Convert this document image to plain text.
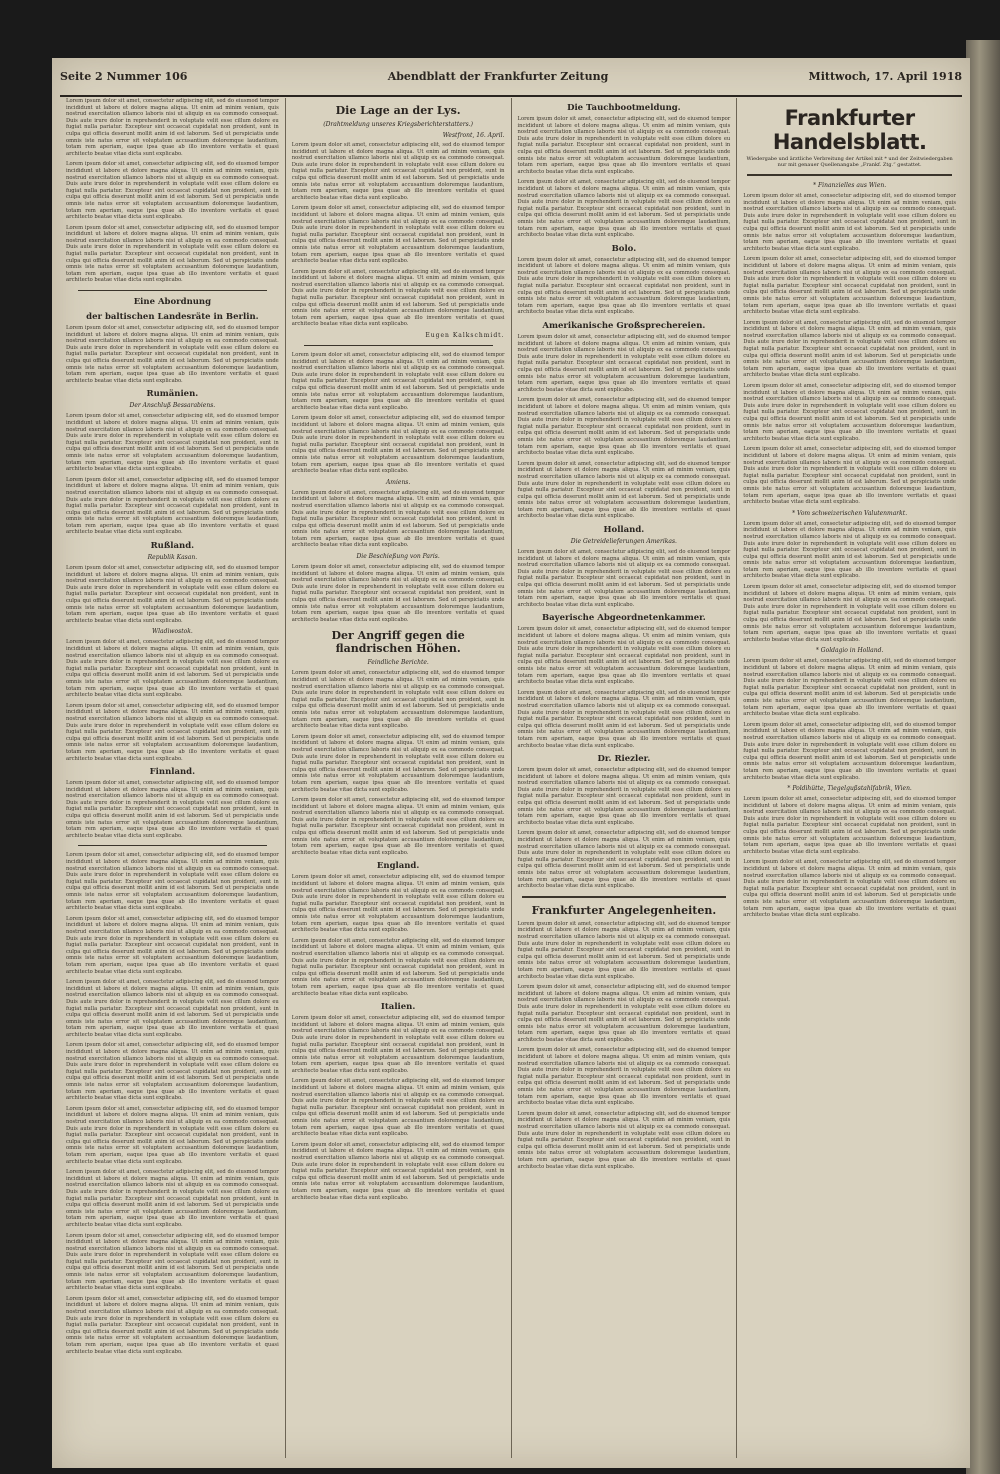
Seite 2 Nummer 106	Abendblatt der Frankfurter Zeitung	Mittwoch, 17. April 1918

Lorem ipsum dolor sit amet, consectetur adipiscing elit, sed do eiusmod tempor incididunt ut labore et dolore magna aliqua. Ut enim ad minim veniam, quis nostrud exercitation ullamco laboris nisi ut aliquip ex ea commodo consequat. Duis aute irure dolor in reprehenderit in voluptate velit esse cillum dolore eu fugiat nulla pariatur. Excepteur sint occaecat cupidatat non proident, sunt in culpa qui officia deserunt mollit anim id est laborum. Sed ut perspiciatis unde omnis iste natus error sit voluptatem accusantium doloremque laudantium, totam rem aperiam, eaque ipsa quae ab illo inventore veritatis et quasi architecto beatae vitae dicta sunt explicabo.

Lorem ipsum dolor sit amet, consectetur adipiscing elit, sed do eiusmod tempor incididunt ut labore et dolore magna aliqua. Ut enim ad minim veniam, quis nostrud exercitation ullamco laboris nisi ut aliquip ex ea commodo consequat. Duis aute irure dolor in reprehenderit in voluptate velit esse cillum dolore eu fugiat nulla pariatur. Excepteur sint occaecat cupidatat non proident, sunt in culpa qui officia deserunt mollit anim id est laborum. Sed ut perspiciatis unde omnis iste natus error sit voluptatem accusantium doloremque laudantium, totam rem aperiam, eaque ipsa quae ab illo inventore veritatis et quasi architecto beatae vitae dicta sunt explicabo.

Lorem ipsum dolor sit amet, consectetur adipiscing elit, sed do eiusmod tempor incididunt ut labore et dolore magna aliqua. Ut enim ad minim veniam, quis nostrud exercitation ullamco laboris nisi ut aliquip ex ea commodo consequat. Duis aute irure dolor in reprehenderit in voluptate velit esse cillum dolore eu fugiat nulla pariatur. Excepteur sint occaecat cupidatat non proident, sunt in culpa qui officia deserunt mollit anim id est laborum. Sed ut perspiciatis unde omnis iste natus error sit voluptatem accusantium doloremque laudantium, totam rem aperiam, eaque ipsa quae ab illo inventore veritatis et quasi architecto beatae vitae dicta sunt explicabo.

Eine Abordnung
der baltischen Landesräte in Berlin.

Lorem ipsum dolor sit amet, consectetur adipiscing elit, sed do eiusmod tempor incididunt ut labore et dolore magna aliqua. Ut enim ad minim veniam, quis nostrud exercitation ullamco laboris nisi ut aliquip ex ea commodo consequat. Duis aute irure dolor in reprehenderit in voluptate velit esse cillum dolore eu fugiat nulla pariatur. Excepteur sint occaecat cupidatat non proident, sunt in culpa qui officia deserunt mollit anim id est laborum. Sed ut perspiciatis unde omnis iste natus error sit voluptatem accusantium doloremque laudantium, totam rem aperiam, eaque ipsa quae ab illo inventore veritatis et quasi architecto beatae vitae dicta sunt explicabo.

Rumänien.
Der Anschluß Bessarabiens.

Lorem ipsum dolor sit amet, consectetur adipiscing elit, sed do eiusmod tempor incididunt ut labore et dolore magna aliqua. Ut enim ad minim veniam, quis nostrud exercitation ullamco laboris nisi ut aliquip ex ea commodo consequat. Duis aute irure dolor in reprehenderit in voluptate velit esse cillum dolore eu fugiat nulla pariatur. Excepteur sint occaecat cupidatat non proident, sunt in culpa qui officia deserunt mollit anim id est laborum. Sed ut perspiciatis unde omnis iste natus error sit voluptatem accusantium doloremque laudantium, totam rem aperiam, eaque ipsa quae ab illo inventore veritatis et quasi architecto beatae vitae dicta sunt explicabo.

Lorem ipsum dolor sit amet, consectetur adipiscing elit, sed do eiusmod tempor incididunt ut labore et dolore magna aliqua. Ut enim ad minim veniam, quis nostrud exercitation ullamco laboris nisi ut aliquip ex ea commodo consequat. Duis aute irure dolor in reprehenderit in voluptate velit esse cillum dolore eu fugiat nulla pariatur. Excepteur sint occaecat cupidatat non proident, sunt in culpa qui officia deserunt mollit anim id est laborum. Sed ut perspiciatis unde omnis iste natus error sit voluptatem accusantium doloremque laudantium, totam rem aperiam, eaque ipsa quae ab illo inventore veritatis et quasi architecto beatae vitae dicta sunt explicabo.

Rußland.
Republik Kasan.

Lorem ipsum dolor sit amet, consectetur adipiscing elit, sed do eiusmod tempor incididunt ut labore et dolore magna aliqua. Ut enim ad minim veniam, quis nostrud exercitation ullamco laboris nisi ut aliquip ex ea commodo consequat. Duis aute irure dolor in reprehenderit in voluptate velit esse cillum dolore eu fugiat nulla pariatur. Excepteur sint occaecat cupidatat non proident, sunt in culpa qui officia deserunt mollit anim id est laborum. Sed ut perspiciatis unde omnis iste natus error sit voluptatem accusantium doloremque laudantium, totam rem aperiam, eaque ipsa quae ab illo inventore veritatis et quasi architecto beatae vitae dicta sunt explicabo.

Wladiwostok.

Lorem ipsum dolor sit amet, consectetur adipiscing elit, sed do eiusmod tempor incididunt ut labore et dolore magna aliqua. Ut enim ad minim veniam, quis nostrud exercitation ullamco laboris nisi ut aliquip ex ea commodo consequat. Duis aute irure dolor in reprehenderit in voluptate velit esse cillum dolore eu fugiat nulla pariatur. Excepteur sint occaecat cupidatat non proident, sunt in culpa qui officia deserunt mollit anim id est laborum. Sed ut perspiciatis unde omnis iste natus error sit voluptatem accusantium doloremque laudantium, totam rem aperiam, eaque ipsa quae ab illo inventore veritatis et quasi architecto beatae vitae dicta sunt explicabo.

Lorem ipsum dolor sit amet, consectetur adipiscing elit, sed do eiusmod tempor incididunt ut labore et dolore magna aliqua. Ut enim ad minim veniam, quis nostrud exercitation ullamco laboris nisi ut aliquip ex ea commodo consequat. Duis aute irure dolor in reprehenderit in voluptate velit esse cillum dolore eu fugiat nulla pariatur. Excepteur sint occaecat cupidatat non proident, sunt in culpa qui officia deserunt mollit anim id est laborum. Sed ut perspiciatis unde omnis iste natus error sit voluptatem accusantium doloremque laudantium, totam rem aperiam, eaque ipsa quae ab illo inventore veritatis et quasi architecto beatae vitae dicta sunt explicabo.

Finnland.

Lorem ipsum dolor sit amet, consectetur adipiscing elit, sed do eiusmod tempor incididunt ut labore et dolore magna aliqua. Ut enim ad minim veniam, quis nostrud exercitation ullamco laboris nisi ut aliquip ex ea commodo consequat. Duis aute irure dolor in reprehenderit in voluptate velit esse cillum dolore eu fugiat nulla pariatur. Excepteur sint occaecat cupidatat non proident, sunt in culpa qui officia deserunt mollit anim id est laborum. Sed ut perspiciatis unde omnis iste natus error sit voluptatem accusantium doloremque laudantium, totam rem aperiam, eaque ipsa quae ab illo inventore veritatis et quasi architecto beatae vitae dicta sunt explicabo.

Lorem ipsum dolor sit amet, consectetur adipiscing elit, sed do eiusmod tempor incididunt ut labore et dolore magna aliqua. Ut enim ad minim veniam, quis nostrud exercitation ullamco laboris nisi ut aliquip ex ea commodo consequat. Duis aute irure dolor in reprehenderit in voluptate velit esse cillum dolore eu fugiat nulla pariatur. Excepteur sint occaecat cupidatat non proident, sunt in culpa qui officia deserunt mollit anim id est laborum. Sed ut perspiciatis unde omnis iste natus error sit voluptatem accusantium doloremque laudantium, totam rem aperiam, eaque ipsa quae ab illo inventore veritatis et quasi architecto beatae vitae dicta sunt explicabo.

Lorem ipsum dolor sit amet, consectetur adipiscing elit, sed do eiusmod tempor incididunt ut labore et dolore magna aliqua. Ut enim ad minim veniam, quis nostrud exercitation ullamco laboris nisi ut aliquip ex ea commodo consequat. Duis aute irure dolor in reprehenderit in voluptate velit esse cillum dolore eu fugiat nulla pariatur. Excepteur sint occaecat cupidatat non proident, sunt in culpa qui officia deserunt mollit anim id est laborum. Sed ut perspiciatis unde omnis iste natus error sit voluptatem accusantium doloremque laudantium, totam rem aperiam, eaque ipsa quae ab illo inventore veritatis et quasi architecto beatae vitae dicta sunt explicabo.

Lorem ipsum dolor sit amet, consectetur adipiscing elit, sed do eiusmod tempor incididunt ut labore et dolore magna aliqua. Ut enim ad minim veniam, quis nostrud exercitation ullamco laboris nisi ut aliquip ex ea commodo consequat. Duis aute irure dolor in reprehenderit in voluptate velit esse cillum dolore eu fugiat nulla pariatur. Excepteur sint occaecat cupidatat non proident, sunt in culpa qui officia deserunt mollit anim id est laborum. Sed ut perspiciatis unde omnis iste natus error sit voluptatem accusantium doloremque laudantium, totam rem aperiam, eaque ipsa quae ab illo inventore veritatis et quasi architecto beatae vitae dicta sunt explicabo.

Lorem ipsum dolor sit amet, consectetur adipiscing elit, sed do eiusmod tempor incididunt ut labore et dolore magna aliqua. Ut enim ad minim veniam, quis nostrud exercitation ullamco laboris nisi ut aliquip ex ea commodo consequat. Duis aute irure dolor in reprehenderit in voluptate velit esse cillum dolore eu fugiat nulla pariatur. Excepteur sint occaecat cupidatat non proident, sunt in culpa qui officia deserunt mollit anim id est laborum. Sed ut perspiciatis unde omnis iste natus error sit voluptatem accusantium doloremque laudantium, totam rem aperiam, eaque ipsa quae ab illo inventore veritatis et quasi architecto beatae vitae dicta sunt explicabo.

Lorem ipsum dolor sit amet, consectetur adipiscing elit, sed do eiusmod tempor incididunt ut labore et dolore magna aliqua. Ut enim ad minim veniam, quis nostrud exercitation ullamco laboris nisi ut aliquip ex ea commodo consequat. Duis aute irure dolor in reprehenderit in voluptate velit esse cillum dolore eu fugiat nulla pariatur. Excepteur sint occaecat cupidatat non proident, sunt in culpa qui officia deserunt mollit anim id est laborum. Sed ut perspiciatis unde omnis iste natus error sit voluptatem accusantium doloremque laudantium, totam rem aperiam, eaque ipsa quae ab illo inventore veritatis et quasi architecto beatae vitae dicta sunt explicabo.

Lorem ipsum dolor sit amet, consectetur adipiscing elit, sed do eiusmod tempor incididunt ut labore et dolore magna aliqua. Ut enim ad minim veniam, quis nostrud exercitation ullamco laboris nisi ut aliquip ex ea commodo consequat. Duis aute irure dolor in reprehenderit in voluptate velit esse cillum dolore eu fugiat nulla pariatur. Excepteur sint occaecat cupidatat non proident, sunt in culpa qui officia deserunt mollit anim id est laborum. Sed ut perspiciatis unde omnis iste natus error sit voluptatem accusantium doloremque laudantium, totam rem aperiam, eaque ipsa quae ab illo inventore veritatis et quasi architecto beatae vitae dicta sunt explicabo.

Lorem ipsum dolor sit amet, consectetur adipiscing elit, sed do eiusmod tempor incididunt ut labore et dolore magna aliqua. Ut enim ad minim veniam, quis nostrud exercitation ullamco laboris nisi ut aliquip ex ea commodo consequat. Duis aute irure dolor in reprehenderit in voluptate velit esse cillum dolore eu fugiat nulla pariatur. Excepteur sint occaecat cupidatat non proident, sunt in culpa qui officia deserunt mollit anim id est laborum. Sed ut perspiciatis unde omnis iste natus error sit voluptatem accusantium doloremque laudantium, totam rem aperiam, eaque ipsa quae ab illo inventore veritatis et quasi architecto beatae vitae dicta sunt explicabo.

Lorem ipsum dolor sit amet, consectetur adipiscing elit, sed do eiusmod tempor incididunt ut labore et dolore magna aliqua. Ut enim ad minim veniam, quis nostrud exercitation ullamco laboris nisi ut aliquip ex ea commodo consequat. Duis aute irure dolor in reprehenderit in voluptate velit esse cillum dolore eu fugiat nulla pariatur. Excepteur sint occaecat cupidatat non proident, sunt in culpa qui officia deserunt mollit anim id est laborum. Sed ut perspiciatis unde omnis iste natus error sit voluptatem accusantium doloremque laudantium, totam rem aperiam, eaque ipsa quae ab illo inventore veritatis et quasi architecto beatae vitae dicta sunt explicabo.

Die Lage an der Lys.
(Drahtmeldung unseres Kriegsberichterstatters.)
Westfront, 16. April.

Lorem ipsum dolor sit amet, consectetur adipiscing elit, sed do eiusmod tempor incididunt ut labore et dolore magna aliqua. Ut enim ad minim veniam, quis nostrud exercitation ullamco laboris nisi ut aliquip ex ea commodo consequat. Duis aute irure dolor in reprehenderit in voluptate velit esse cillum dolore eu fugiat nulla pariatur. Excepteur sint occaecat cupidatat non proident, sunt in culpa qui officia deserunt mollit anim id est laborum. Sed ut perspiciatis unde omnis iste natus error sit voluptatem accusantium doloremque laudantium, totam rem aperiam, eaque ipsa quae ab illo inventore veritatis et quasi architecto beatae vitae dicta sunt explicabo.

Lorem ipsum dolor sit amet, consectetur adipiscing elit, sed do eiusmod tempor incididunt ut labore et dolore magna aliqua. Ut enim ad minim veniam, quis nostrud exercitation ullamco laboris nisi ut aliquip ex ea commodo consequat. Duis aute irure dolor in reprehenderit in voluptate velit esse cillum dolore eu fugiat nulla pariatur. Excepteur sint occaecat cupidatat non proident, sunt in culpa qui officia deserunt mollit anim id est laborum. Sed ut perspiciatis unde omnis iste natus error sit voluptatem accusantium doloremque laudantium, totam rem aperiam, eaque ipsa quae ab illo inventore veritatis et quasi architecto beatae vitae dicta sunt explicabo.

Lorem ipsum dolor sit amet, consectetur adipiscing elit, sed do eiusmod tempor incididunt ut labore et dolore magna aliqua. Ut enim ad minim veniam, quis nostrud exercitation ullamco laboris nisi ut aliquip ex ea commodo consequat. Duis aute irure dolor in reprehenderit in voluptate velit esse cillum dolore eu fugiat nulla pariatur. Excepteur sint occaecat cupidatat non proident, sunt in culpa qui officia deserunt mollit anim id est laborum. Sed ut perspiciatis unde omnis iste natus error sit voluptatem accusantium doloremque laudantium, totam rem aperiam, eaque ipsa quae ab illo inventore veritatis et quasi architecto beatae vitae dicta sunt explicabo.

Eugen Kalkschmidt.

Lorem ipsum dolor sit amet, consectetur adipiscing elit, sed do eiusmod tempor incididunt ut labore et dolore magna aliqua. Ut enim ad minim veniam, quis nostrud exercitation ullamco laboris nisi ut aliquip ex ea commodo consequat. Duis aute irure dolor in reprehenderit in voluptate velit esse cillum dolore eu fugiat nulla pariatur. Excepteur sint occaecat cupidatat non proident, sunt in culpa qui officia deserunt mollit anim id est laborum. Sed ut perspiciatis unde omnis iste natus error sit voluptatem accusantium doloremque laudantium, totam rem aperiam, eaque ipsa quae ab illo inventore veritatis et quasi architecto beatae vitae dicta sunt explicabo.

Lorem ipsum dolor sit amet, consectetur adipiscing elit, sed do eiusmod tempor incididunt ut labore et dolore magna aliqua. Ut enim ad minim veniam, quis nostrud exercitation ullamco laboris nisi ut aliquip ex ea commodo consequat. Duis aute irure dolor in reprehenderit in voluptate velit esse cillum dolore eu fugiat nulla pariatur. Excepteur sint occaecat cupidatat non proident, sunt in culpa qui officia deserunt mollit anim id est laborum. Sed ut perspiciatis unde omnis iste natus error sit voluptatem accusantium doloremque laudantium, totam rem aperiam, eaque ipsa quae ab illo inventore veritatis et quasi architecto beatae vitae dicta sunt explicabo.

Amiens.

Lorem ipsum dolor sit amet, consectetur adipiscing elit, sed do eiusmod tempor incididunt ut labore et dolore magna aliqua. Ut enim ad minim veniam, quis nostrud exercitation ullamco laboris nisi ut aliquip ex ea commodo consequat. Duis aute irure dolor in reprehenderit in voluptate velit esse cillum dolore eu fugiat nulla pariatur. Excepteur sint occaecat cupidatat non proident, sunt in culpa qui officia deserunt mollit anim id est laborum. Sed ut perspiciatis unde omnis iste natus error sit voluptatem accusantium doloremque laudantium, totam rem aperiam, eaque ipsa quae ab illo inventore veritatis et quasi architecto beatae vitae dicta sunt explicabo.

Die Beschießung von Paris.

Lorem ipsum dolor sit amet, consectetur adipiscing elit, sed do eiusmod tempor incididunt ut labore et dolore magna aliqua. Ut enim ad minim veniam, quis nostrud exercitation ullamco laboris nisi ut aliquip ex ea commodo consequat. Duis aute irure dolor in reprehenderit in voluptate velit esse cillum dolore eu fugiat nulla pariatur. Excepteur sint occaecat cupidatat non proident, sunt in culpa qui officia deserunt mollit anim id est laborum. Sed ut perspiciatis unde omnis iste natus error sit voluptatem accusantium doloremque laudantium, totam rem aperiam, eaque ipsa quae ab illo inventore veritatis et quasi architecto beatae vitae dicta sunt explicabo.

Der Angriff gegen die flandrischen Höhen.
Feindliche Berichte.

Lorem ipsum dolor sit amet, consectetur adipiscing elit, sed do eiusmod tempor incididunt ut labore et dolore magna aliqua. Ut enim ad minim veniam, quis nostrud exercitation ullamco laboris nisi ut aliquip ex ea commodo consequat. Duis aute irure dolor in reprehenderit in voluptate velit esse cillum dolore eu fugiat nulla pariatur. Excepteur sint occaecat cupidatat non proident, sunt in culpa qui officia deserunt mollit anim id est laborum. Sed ut perspiciatis unde omnis iste natus error sit voluptatem accusantium doloremque laudantium, totam rem aperiam, eaque ipsa quae ab illo inventore veritatis et quasi architecto beatae vitae dicta sunt explicabo.

Lorem ipsum dolor sit amet, consectetur adipiscing elit, sed do eiusmod tempor incididunt ut labore et dolore magna aliqua. Ut enim ad minim veniam, quis nostrud exercitation ullamco laboris nisi ut aliquip ex ea commodo consequat. Duis aute irure dolor in reprehenderit in voluptate velit esse cillum dolore eu fugiat nulla pariatur. Excepteur sint occaecat cupidatat non proident, sunt in culpa qui officia deserunt mollit anim id est laborum. Sed ut perspiciatis unde omnis iste natus error sit voluptatem accusantium doloremque laudantium, totam rem aperiam, eaque ipsa quae ab illo inventore veritatis et quasi architecto beatae vitae dicta sunt explicabo.

Lorem ipsum dolor sit amet, consectetur adipiscing elit, sed do eiusmod tempor incididunt ut labore et dolore magna aliqua. Ut enim ad minim veniam, quis nostrud exercitation ullamco laboris nisi ut aliquip ex ea commodo consequat. Duis aute irure dolor in reprehenderit in voluptate velit esse cillum dolore eu fugiat nulla pariatur. Excepteur sint occaecat cupidatat non proident, sunt in culpa qui officia deserunt mollit anim id est laborum. Sed ut perspiciatis unde omnis iste natus error sit voluptatem accusantium doloremque laudantium, totam rem aperiam, eaque ipsa quae ab illo inventore veritatis et quasi architecto beatae vitae dicta sunt explicabo.

England.

Lorem ipsum dolor sit amet, consectetur adipiscing elit, sed do eiusmod tempor incididunt ut labore et dolore magna aliqua. Ut enim ad minim veniam, quis nostrud exercitation ullamco laboris nisi ut aliquip ex ea commodo consequat. Duis aute irure dolor in reprehenderit in voluptate velit esse cillum dolore eu fugiat nulla pariatur. Excepteur sint occaecat cupidatat non proident, sunt in culpa qui officia deserunt mollit anim id est laborum. Sed ut perspiciatis unde omnis iste natus error sit voluptatem accusantium doloremque laudantium, totam rem aperiam, eaque ipsa quae ab illo inventore veritatis et quasi architecto beatae vitae dicta sunt explicabo.

Lorem ipsum dolor sit amet, consectetur adipiscing elit, sed do eiusmod tempor incididunt ut labore et dolore magna aliqua. Ut enim ad minim veniam, quis nostrud exercitation ullamco laboris nisi ut aliquip ex ea commodo consequat. Duis aute irure dolor in reprehenderit in voluptate velit esse cillum dolore eu fugiat nulla pariatur. Excepteur sint occaecat cupidatat non proident, sunt in culpa qui officia deserunt mollit anim id est laborum. Sed ut perspiciatis unde omnis iste natus error sit voluptatem accusantium doloremque laudantium, totam rem aperiam, eaque ipsa quae ab illo inventore veritatis et quasi architecto beatae vitae dicta sunt explicabo.

Italien.

Lorem ipsum dolor sit amet, consectetur adipiscing elit, sed do eiusmod tempor incididunt ut labore et dolore magna aliqua. Ut enim ad minim veniam, quis nostrud exercitation ullamco laboris nisi ut aliquip ex ea commodo consequat. Duis aute irure dolor in reprehenderit in voluptate velit esse cillum dolore eu fugiat nulla pariatur. Excepteur sint occaecat cupidatat non proident, sunt in culpa qui officia deserunt mollit anim id est laborum. Sed ut perspiciatis unde omnis iste natus error sit voluptatem accusantium doloremque laudantium, totam rem aperiam, eaque ipsa quae ab illo inventore veritatis et quasi architecto beatae vitae dicta sunt explicabo.

Lorem ipsum dolor sit amet, consectetur adipiscing elit, sed do eiusmod tempor incididunt ut labore et dolore magna aliqua. Ut enim ad minim veniam, quis nostrud exercitation ullamco laboris nisi ut aliquip ex ea commodo consequat. Duis aute irure dolor in reprehenderit in voluptate velit esse cillum dolore eu fugiat nulla pariatur. Excepteur sint occaecat cupidatat non proident, sunt in culpa qui officia deserunt mollit anim id est laborum. Sed ut perspiciatis unde omnis iste natus error sit voluptatem accusantium doloremque laudantium, totam rem aperiam, eaque ipsa quae ab illo inventore veritatis et quasi architecto beatae vitae dicta sunt explicabo.

Lorem ipsum dolor sit amet, consectetur adipiscing elit, sed do eiusmod tempor incididunt ut labore et dolore magna aliqua. Ut enim ad minim veniam, quis nostrud exercitation ullamco laboris nisi ut aliquip ex ea commodo consequat. Duis aute irure dolor in reprehenderit in voluptate velit esse cillum dolore eu fugiat nulla pariatur. Excepteur sint occaecat cupidatat non proident, sunt in culpa qui officia deserunt mollit anim id est laborum. Sed ut perspiciatis unde omnis iste natus error sit voluptatem accusantium doloremque laudantium, totam rem aperiam, eaque ipsa quae ab illo inventore veritatis et quasi architecto beatae vitae dicta sunt explicabo.

Die Tauchbootmeldung.

Lorem ipsum dolor sit amet, consectetur adipiscing elit, sed do eiusmod tempor incididunt ut labore et dolore magna aliqua. Ut enim ad minim veniam, quis nostrud exercitation ullamco laboris nisi ut aliquip ex ea commodo consequat. Duis aute irure dolor in reprehenderit in voluptate velit esse cillum dolore eu fugiat nulla pariatur. Excepteur sint occaecat cupidatat non proident, sunt in culpa qui officia deserunt mollit anim id est laborum. Sed ut perspiciatis unde omnis iste natus error sit voluptatem accusantium doloremque laudantium, totam rem aperiam, eaque ipsa quae ab illo inventore veritatis et quasi architecto beatae vitae dicta sunt explicabo.

Lorem ipsum dolor sit amet, consectetur adipiscing elit, sed do eiusmod tempor incididunt ut labore et dolore magna aliqua. Ut enim ad minim veniam, quis nostrud exercitation ullamco laboris nisi ut aliquip ex ea commodo consequat. Duis aute irure dolor in reprehenderit in voluptate velit esse cillum dolore eu fugiat nulla pariatur. Excepteur sint occaecat cupidatat non proident, sunt in culpa qui officia deserunt mollit anim id est laborum. Sed ut perspiciatis unde omnis iste natus error sit voluptatem accusantium doloremque laudantium, totam rem aperiam, eaque ipsa quae ab illo inventore veritatis et quasi architecto beatae vitae dicta sunt explicabo.

Bolo.

Lorem ipsum dolor sit amet, consectetur adipiscing elit, sed do eiusmod tempor incididunt ut labore et dolore magna aliqua. Ut enim ad minim veniam, quis nostrud exercitation ullamco laboris nisi ut aliquip ex ea commodo consequat. Duis aute irure dolor in reprehenderit in voluptate velit esse cillum dolore eu fugiat nulla pariatur. Excepteur sint occaecat cupidatat non proident, sunt in culpa qui officia deserunt mollit anim id est laborum. Sed ut perspiciatis unde omnis iste natus error sit voluptatem accusantium doloremque laudantium, totam rem aperiam, eaque ipsa quae ab illo inventore veritatis et quasi architecto beatae vitae dicta sunt explicabo.

Amerikanische Großsprechereien.

Lorem ipsum dolor sit amet, consectetur adipiscing elit, sed do eiusmod tempor incididunt ut labore et dolore magna aliqua. Ut enim ad minim veniam, quis nostrud exercitation ullamco laboris nisi ut aliquip ex ea commodo consequat. Duis aute irure dolor in reprehenderit in voluptate velit esse cillum dolore eu fugiat nulla pariatur. Excepteur sint occaecat cupidatat non proident, sunt in culpa qui officia deserunt mollit anim id est laborum. Sed ut perspiciatis unde omnis iste natus error sit voluptatem accusantium doloremque laudantium, totam rem aperiam, eaque ipsa quae ab illo inventore veritatis et quasi architecto beatae vitae dicta sunt explicabo.

Lorem ipsum dolor sit amet, consectetur adipiscing elit, sed do eiusmod tempor incididunt ut labore et dolore magna aliqua. Ut enim ad minim veniam, quis nostrud exercitation ullamco laboris nisi ut aliquip ex ea commodo consequat. Duis aute irure dolor in reprehenderit in voluptate velit esse cillum dolore eu fugiat nulla pariatur. Excepteur sint occaecat cupidatat non proident, sunt in culpa qui officia deserunt mollit anim id est laborum. Sed ut perspiciatis unde omnis iste natus error sit voluptatem accusantium doloremque laudantium, totam rem aperiam, eaque ipsa quae ab illo inventore veritatis et quasi architecto beatae vitae dicta sunt explicabo.

Lorem ipsum dolor sit amet, consectetur adipiscing elit, sed do eiusmod tempor incididunt ut labore et dolore magna aliqua. Ut enim ad minim veniam, quis nostrud exercitation ullamco laboris nisi ut aliquip ex ea commodo consequat. Duis aute irure dolor in reprehenderit in voluptate velit esse cillum dolore eu fugiat nulla pariatur. Excepteur sint occaecat cupidatat non proident, sunt in culpa qui officia deserunt mollit anim id est laborum. Sed ut perspiciatis unde omnis iste natus error sit voluptatem accusantium doloremque laudantium, totam rem aperiam, eaque ipsa quae ab illo inventore veritatis et quasi architecto beatae vitae dicta sunt explicabo.

Holland.
Die Getreidelieferungen Amerikas.

Lorem ipsum dolor sit amet, consectetur adipiscing elit, sed do eiusmod tempor incididunt ut labore et dolore magna aliqua. Ut enim ad minim veniam, quis nostrud exercitation ullamco laboris nisi ut aliquip ex ea commodo consequat. Duis aute irure dolor in reprehenderit in voluptate velit esse cillum dolore eu fugiat nulla pariatur. Excepteur sint occaecat cupidatat non proident, sunt in culpa qui officia deserunt mollit anim id est laborum. Sed ut perspiciatis unde omnis iste natus error sit voluptatem accusantium doloremque laudantium, totam rem aperiam, eaque ipsa quae ab illo inventore veritatis et quasi architecto beatae vitae dicta sunt explicabo.

Bayerische Abgeordnetenkammer.

Lorem ipsum dolor sit amet, consectetur adipiscing elit, sed do eiusmod tempor incididunt ut labore et dolore magna aliqua. Ut enim ad minim veniam, quis nostrud exercitation ullamco laboris nisi ut aliquip ex ea commodo consequat. Duis aute irure dolor in reprehenderit in voluptate velit esse cillum dolore eu fugiat nulla pariatur. Excepteur sint occaecat cupidatat non proident, sunt in culpa qui officia deserunt mollit anim id est laborum. Sed ut perspiciatis unde omnis iste natus error sit voluptatem accusantium doloremque laudantium, totam rem aperiam, eaque ipsa quae ab illo inventore veritatis et quasi architecto beatae vitae dicta sunt explicabo.

Lorem ipsum dolor sit amet, consectetur adipiscing elit, sed do eiusmod tempor incididunt ut labore et dolore magna aliqua. Ut enim ad minim veniam, quis nostrud exercitation ullamco laboris nisi ut aliquip ex ea commodo consequat. Duis aute irure dolor in reprehenderit in voluptate velit esse cillum dolore eu fugiat nulla pariatur. Excepteur sint occaecat cupidatat non proident, sunt in culpa qui officia deserunt mollit anim id est laborum. Sed ut perspiciatis unde omnis iste natus error sit voluptatem accusantium doloremque laudantium, totam rem aperiam, eaque ipsa quae ab illo inventore veritatis et quasi architecto beatae vitae dicta sunt explicabo.

Dr. Riezler.

Lorem ipsum dolor sit amet, consectetur adipiscing elit, sed do eiusmod tempor incididunt ut labore et dolore magna aliqua. Ut enim ad minim veniam, quis nostrud exercitation ullamco laboris nisi ut aliquip ex ea commodo consequat. Duis aute irure dolor in reprehenderit in voluptate velit esse cillum dolore eu fugiat nulla pariatur. Excepteur sint occaecat cupidatat non proident, sunt in culpa qui officia deserunt mollit anim id est laborum. Sed ut perspiciatis unde omnis iste natus error sit voluptatem accusantium doloremque laudantium, totam rem aperiam, eaque ipsa quae ab illo inventore veritatis et quasi architecto beatae vitae dicta sunt explicabo.

Lorem ipsum dolor sit amet, consectetur adipiscing elit, sed do eiusmod tempor incididunt ut labore et dolore magna aliqua. Ut enim ad minim veniam, quis nostrud exercitation ullamco laboris nisi ut aliquip ex ea commodo consequat. Duis aute irure dolor in reprehenderit in voluptate velit esse cillum dolore eu fugiat nulla pariatur. Excepteur sint occaecat cupidatat non proident, sunt in culpa qui officia deserunt mollit anim id est laborum. Sed ut perspiciatis unde omnis iste natus error sit voluptatem accusantium doloremque laudantium, totam rem aperiam, eaque ipsa quae ab illo inventore veritatis et quasi architecto beatae vitae dicta sunt explicabo.

Frankfurter Angelegenheiten.

Lorem ipsum dolor sit amet, consectetur adipiscing elit, sed do eiusmod tempor incididunt ut labore et dolore magna aliqua. Ut enim ad minim veniam, quis nostrud exercitation ullamco laboris nisi ut aliquip ex ea commodo consequat. Duis aute irure dolor in reprehenderit in voluptate velit esse cillum dolore eu fugiat nulla pariatur. Excepteur sint occaecat cupidatat non proident, sunt in culpa qui officia deserunt mollit anim id est laborum. Sed ut perspiciatis unde omnis iste natus error sit voluptatem accusantium doloremque laudantium, totam rem aperiam, eaque ipsa quae ab illo inventore veritatis et quasi architecto beatae vitae dicta sunt explicabo.

Lorem ipsum dolor sit amet, consectetur adipiscing elit, sed do eiusmod tempor incididunt ut labore et dolore magna aliqua. Ut enim ad minim veniam, quis nostrud exercitation ullamco laboris nisi ut aliquip ex ea commodo consequat. Duis aute irure dolor in reprehenderit in voluptate velit esse cillum dolore eu fugiat nulla pariatur. Excepteur sint occaecat cupidatat non proident, sunt in culpa qui officia deserunt mollit anim id est laborum. Sed ut perspiciatis unde omnis iste natus error sit voluptatem accusantium doloremque laudantium, totam rem aperiam, eaque ipsa quae ab illo inventore veritatis et quasi architecto beatae vitae dicta sunt explicabo.

Lorem ipsum dolor sit amet, consectetur adipiscing elit, sed do eiusmod tempor incididunt ut labore et dolore magna aliqua. Ut enim ad minim veniam, quis nostrud exercitation ullamco laboris nisi ut aliquip ex ea commodo consequat. Duis aute irure dolor in reprehenderit in voluptate velit esse cillum dolore eu fugiat nulla pariatur. Excepteur sint occaecat cupidatat non proident, sunt in culpa qui officia deserunt mollit anim id est laborum. Sed ut perspiciatis unde omnis iste natus error sit voluptatem accusantium doloremque laudantium, totam rem aperiam, eaque ipsa quae ab illo inventore veritatis et quasi architecto beatae vitae dicta sunt explicabo.

Lorem ipsum dolor sit amet, consectetur adipiscing elit, sed do eiusmod tempor incididunt ut labore et dolore magna aliqua. Ut enim ad minim veniam, quis nostrud exercitation ullamco laboris nisi ut aliquip ex ea commodo consequat. Duis aute irure dolor in reprehenderit in voluptate velit esse cillum dolore eu fugiat nulla pariatur. Excepteur sint occaecat cupidatat non proident, sunt in culpa qui officia deserunt mollit anim id est laborum. Sed ut perspiciatis unde omnis iste natus error sit voluptatem accusantium doloremque laudantium, totam rem aperiam, eaque ipsa quae ab illo inventore veritatis et quasi architecto beatae vitae dicta sunt explicabo.

Frankfurter Handelsblatt.
Wiedergabe und ärztliche Verbreitung der Artikel mit * und der Zeitwiedergaben nur mit genauer Quellenangabe „Frankf. Ztg.“ gestattet.
* Finanzielles aus Wien.

Lorem ipsum dolor sit amet, consectetur adipiscing elit, sed do eiusmod tempor incididunt ut labore et dolore magna aliqua. Ut enim ad minim veniam, quis nostrud exercitation ullamco laboris nisi ut aliquip ex ea commodo consequat. Duis aute irure dolor in reprehenderit in voluptate velit esse cillum dolore eu fugiat nulla pariatur. Excepteur sint occaecat cupidatat non proident, sunt in culpa qui officia deserunt mollit anim id est laborum. Sed ut perspiciatis unde omnis iste natus error sit voluptatem accusantium doloremque laudantium, totam rem aperiam, eaque ipsa quae ab illo inventore veritatis et quasi architecto beatae vitae dicta sunt explicabo.

Lorem ipsum dolor sit amet, consectetur adipiscing elit, sed do eiusmod tempor incididunt ut labore et dolore magna aliqua. Ut enim ad minim veniam, quis nostrud exercitation ullamco laboris nisi ut aliquip ex ea commodo consequat. Duis aute irure dolor in reprehenderit in voluptate velit esse cillum dolore eu fugiat nulla pariatur. Excepteur sint occaecat cupidatat non proident, sunt in culpa qui officia deserunt mollit anim id est laborum. Sed ut perspiciatis unde omnis iste natus error sit voluptatem accusantium doloremque laudantium, totam rem aperiam, eaque ipsa quae ab illo inventore veritatis et quasi architecto beatae vitae dicta sunt explicabo.

Lorem ipsum dolor sit amet, consectetur adipiscing elit, sed do eiusmod tempor incididunt ut labore et dolore magna aliqua. Ut enim ad minim veniam, quis nostrud exercitation ullamco laboris nisi ut aliquip ex ea commodo consequat. Duis aute irure dolor in reprehenderit in voluptate velit esse cillum dolore eu fugiat nulla pariatur. Excepteur sint occaecat cupidatat non proident, sunt in culpa qui officia deserunt mollit anim id est laborum. Sed ut perspiciatis unde omnis iste natus error sit voluptatem accusantium doloremque laudantium, totam rem aperiam, eaque ipsa quae ab illo inventore veritatis et quasi architecto beatae vitae dicta sunt explicabo.

Lorem ipsum dolor sit amet, consectetur adipiscing elit, sed do eiusmod tempor incididunt ut labore et dolore magna aliqua. Ut enim ad minim veniam, quis nostrud exercitation ullamco laboris nisi ut aliquip ex ea commodo consequat. Duis aute irure dolor in reprehenderit in voluptate velit esse cillum dolore eu fugiat nulla pariatur. Excepteur sint occaecat cupidatat non proident, sunt in culpa qui officia deserunt mollit anim id est laborum. Sed ut perspiciatis unde omnis iste natus error sit voluptatem accusantium doloremque laudantium, totam rem aperiam, eaque ipsa quae ab illo inventore veritatis et quasi architecto beatae vitae dicta sunt explicabo.

Lorem ipsum dolor sit amet, consectetur adipiscing elit, sed do eiusmod tempor incididunt ut labore et dolore magna aliqua. Ut enim ad minim veniam, quis nostrud exercitation ullamco laboris nisi ut aliquip ex ea commodo consequat. Duis aute irure dolor in reprehenderit in voluptate velit esse cillum dolore eu fugiat nulla pariatur. Excepteur sint occaecat cupidatat non proident, sunt in culpa qui officia deserunt mollit anim id est laborum. Sed ut perspiciatis unde omnis iste natus error sit voluptatem accusantium doloremque laudantium, totam rem aperiam, eaque ipsa quae ab illo inventore veritatis et quasi architecto beatae vitae dicta sunt explicabo.

* Vom schweizerischen Valutenmarkt.

Lorem ipsum dolor sit amet, consectetur adipiscing elit, sed do eiusmod tempor incididunt ut labore et dolore magna aliqua. Ut enim ad minim veniam, quis nostrud exercitation ullamco laboris nisi ut aliquip ex ea commodo consequat. Duis aute irure dolor in reprehenderit in voluptate velit esse cillum dolore eu fugiat nulla pariatur. Excepteur sint occaecat cupidatat non proident, sunt in culpa qui officia deserunt mollit anim id est laborum. Sed ut perspiciatis unde omnis iste natus error sit voluptatem accusantium doloremque laudantium, totam rem aperiam, eaque ipsa quae ab illo inventore veritatis et quasi architecto beatae vitae dicta sunt explicabo.

Lorem ipsum dolor sit amet, consectetur adipiscing elit, sed do eiusmod tempor incididunt ut labore et dolore magna aliqua. Ut enim ad minim veniam, quis nostrud exercitation ullamco laboris nisi ut aliquip ex ea commodo consequat. Duis aute irure dolor in reprehenderit in voluptate velit esse cillum dolore eu fugiat nulla pariatur. Excepteur sint occaecat cupidatat non proident, sunt in culpa qui officia deserunt mollit anim id est laborum. Sed ut perspiciatis unde omnis iste natus error sit voluptatem accusantium doloremque laudantium, totam rem aperiam, eaque ipsa quae ab illo inventore veritatis et quasi architecto beatae vitae dicta sunt explicabo.

* Goldagio in Holland.

Lorem ipsum dolor sit amet, consectetur adipiscing elit, sed do eiusmod tempor incididunt ut labore et dolore magna aliqua. Ut enim ad minim veniam, quis nostrud exercitation ullamco laboris nisi ut aliquip ex ea commodo consequat. Duis aute irure dolor in reprehenderit in voluptate velit esse cillum dolore eu fugiat nulla pariatur. Excepteur sint occaecat cupidatat non proident, sunt in culpa qui officia deserunt mollit anim id est laborum. Sed ut perspiciatis unde omnis iste natus error sit voluptatem accusantium doloremque laudantium, totam rem aperiam, eaque ipsa quae ab illo inventore veritatis et quasi architecto beatae vitae dicta sunt explicabo.

Lorem ipsum dolor sit amet, consectetur adipiscing elit, sed do eiusmod tempor incididunt ut labore et dolore magna aliqua. Ut enim ad minim veniam, quis nostrud exercitation ullamco laboris nisi ut aliquip ex ea commodo consequat. Duis aute irure dolor in reprehenderit in voluptate velit esse cillum dolore eu fugiat nulla pariatur. Excepteur sint occaecat cupidatat non proident, sunt in culpa qui officia deserunt mollit anim id est laborum. Sed ut perspiciatis unde omnis iste natus error sit voluptatem accusantium doloremque laudantium, totam rem aperiam, eaque ipsa quae ab illo inventore veritatis et quasi architecto beatae vitae dicta sunt explicabo.

* Poldihütte, Tiegelgußstahlfabrik, Wien.

Lorem ipsum dolor sit amet, consectetur adipiscing elit, sed do eiusmod tempor incididunt ut labore et dolore magna aliqua. Ut enim ad minim veniam, quis nostrud exercitation ullamco laboris nisi ut aliquip ex ea commodo consequat. Duis aute irure dolor in reprehenderit in voluptate velit esse cillum dolore eu fugiat nulla pariatur. Excepteur sint occaecat cupidatat non proident, sunt in culpa qui officia deserunt mollit anim id est laborum. Sed ut perspiciatis unde omnis iste natus error sit voluptatem accusantium doloremque laudantium, totam rem aperiam, eaque ipsa quae ab illo inventore veritatis et quasi architecto beatae vitae dicta sunt explicabo.

Lorem ipsum dolor sit amet, consectetur adipiscing elit, sed do eiusmod tempor incididunt ut labore et dolore magna aliqua. Ut enim ad minim veniam, quis nostrud exercitation ullamco laboris nisi ut aliquip ex ea commodo consequat. Duis aute irure dolor in reprehenderit in voluptate velit esse cillum dolore eu fugiat nulla pariatur. Excepteur sint occaecat cupidatat non proident, sunt in culpa qui officia deserunt mollit anim id est laborum. Sed ut perspiciatis unde omnis iste natus error sit voluptatem accusantium doloremque laudantium, totam rem aperiam, eaque ipsa quae ab illo inventore veritatis et quasi architecto beatae vitae dicta sunt explicabo.
